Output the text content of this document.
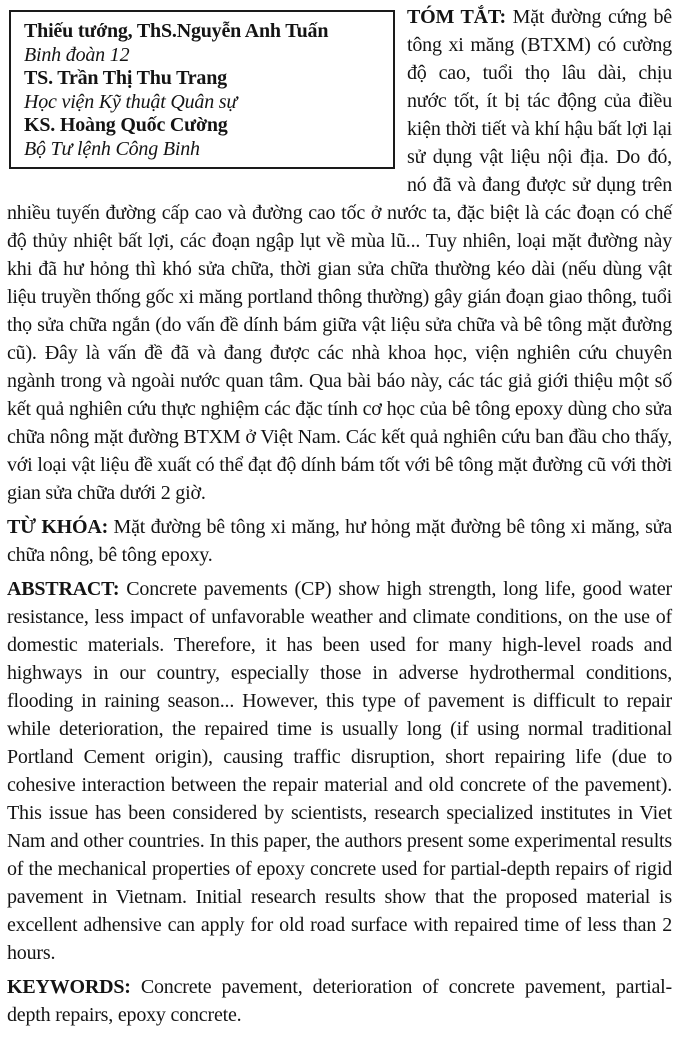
Thiếu tướng, ThS.Nguyễn Anh Tuấn
Binh đoàn 12
TS. Trần Thị Thu Trang
Học viện Kỹ thuật Quân sự
KS. Hoàng Quốc Cường
Bộ Tư lệnh Công Binh

TÓM TẮT: Mặt đường cứng bê tông xi măng (BTXM) có cường độ cao, tuổi thọ lâu dài, chịu nước tốt, ít bị tác động của điều kiện thời tiết và khí hậu bất lợi lại sử dụng vật liệu nội địa. Do đó, nó đã và đang được sử dụng trên nhiều tuyến đường cấp cao và đường cao tốc ở nước ta, đặc biệt là các đoạn có chế độ thủy nhiệt bất lợi, các đoạn ngập lụt về mùa lũ... Tuy nhiên, loại mặt đường này khi đã hư hỏng thì khó sửa chữa, thời gian sửa chữa thường kéo dài (nếu dùng vật liệu truyền thống gốc xi măng portland thông thường) gây gián đoạn giao thông, tuổi thọ sửa chữa ngắn (do vấn đề dính bám giữa vật liệu sửa chữa và bê tông mặt đường cũ). Đây là vấn đề đã và đang được các nhà khoa học, viện nghiên cứu chuyên ngành trong và ngoài nước quan tâm. Qua bài báo này, các tác giả giới thiệu một số kết quả nghiên cứu thực nghiệm các đặc tính cơ học của bê tông epoxy dùng cho sửa chữa nông mặt đường BTXM ở Việt Nam. Các kết quả nghiên cứu ban đầu cho thấy, với loại vật liệu đề xuất có thể đạt độ dính bám tốt với bê tông mặt đường cũ với thời gian sửa chữa dưới 2 giờ.

TỪ KHÓA: Mặt đường bê tông xi măng, hư hỏng mặt đường bê tông xi măng, sửa chữa nông, bê tông epoxy.

ABSTRACT: Concrete pavements (CP) show high strength, long life, good water resistance, less impact of unfavorable weather and climate conditions, on the use of domestic materials. Therefore, it has been used for many high-level roads and highways in our country, especially those in adverse hydrothermal conditions, flooding in raining season... However, this type of pavement is difficult to repair while deterioration, the repaired time is usually long (if using normal traditional Portland Cement origin), causing traffic disruption, short repairing life (due to cohesive interaction between the repair material and old concrete of the pavement). This issue has been considered by scientists, research specialized institutes in Viet Nam and other countries. In this paper, the authors present some experimental results of the mechanical properties of epoxy concrete used for partial-depth repairs of rigid pavement in Vietnam. Initial research results show that the proposed material is excellent adhensive can apply for old road surface with repaired time of less than 2 hours.

KEYWORDS: Concrete pavement, deterioration of concrete pavement, partial-depth repairs, epoxy concrete.
